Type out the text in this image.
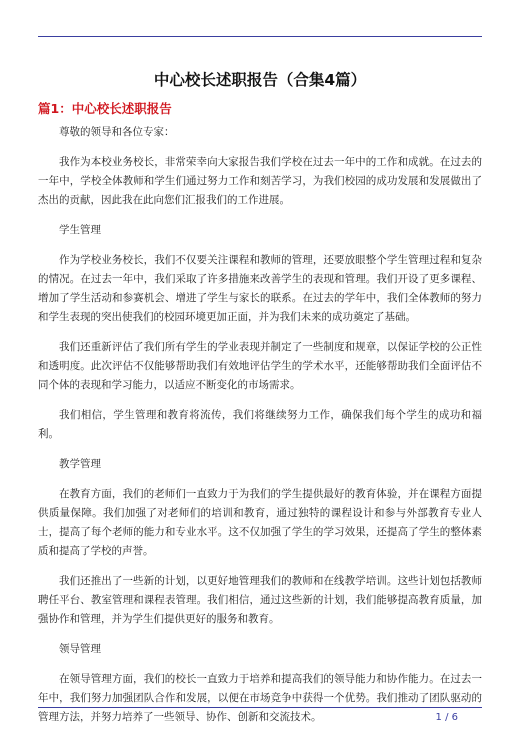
中心校长述职报告（合集4篇）
篇1：中心校长述职报告

尊敬的领导和各位专家：

我作为本校业务校长，非常荣幸向大家报告我们学校在过去一年中的工作和成就。在过去的一年中，学校全体教师和学生们通过努力工作和刻苦学习，为我们校园的成功发展和发展做出了杰出的贡献，因此我在此向您们汇报我们的工作进展。

学生管理

作为学校业务校长，我们不仅要关注课程和教师的管理，还要放眼整个学生管理过程和复杂的情况。在过去一年中，我们采取了许多措施来改善学生的表现和管理。我们开设了更多课程、增加了学生活动和参赛机会、增进了学生与家长的联系。在过去的学年中，我们全体教师的努力和学生表现的突出使我们的校园环境更加正面，并为我们未来的成功奠定了基础。

我们还重新评估了我们所有学生的学业表现并制定了一些制度和规章，以保证学校的公正性和透明度。此次评估不仅能够帮助我们有效地评估学生的学术水平，还能够帮助我们全面评估不同个体的表现和学习能力，以适应不断变化的市场需求。

我们相信，学生管理和教育将流传，我们将继续努力工作，确保我们每个学生的成功和福利。

教学管理

在教育方面，我们的老师们一直致力于为我们的学生提供最好的教育体验，并在课程方面提供质量保障。我们加强了对老师们的培训和教育，通过独特的课程设计和参与外部教育专业人士，提高了每个老师的能力和专业水平。这不仅加强了学生的学习效果，还提高了学生的整体素质和提高了学校的声誉。

我们还推出了一些新的计划，以更好地管理我们的教师和在线教学培训。这些计划包括教师聘任平台、教室管理和课程表管理。我们相信，通过这些新的计划，我们能够提高教育质量，加强协作和管理，并为学生们提供更好的服务和教育。

领导管理

在领导管理方面，我们的校长一直致力于培养和提高我们的领导能力和协作能力。在过去一年中，我们努力加强团队合作和发展，以便在市场竞争中获得一个优势。我们推动了团队驱动的管理方法，并努力培养了一些领导、协作、创新和交流技术。	1 / 6
